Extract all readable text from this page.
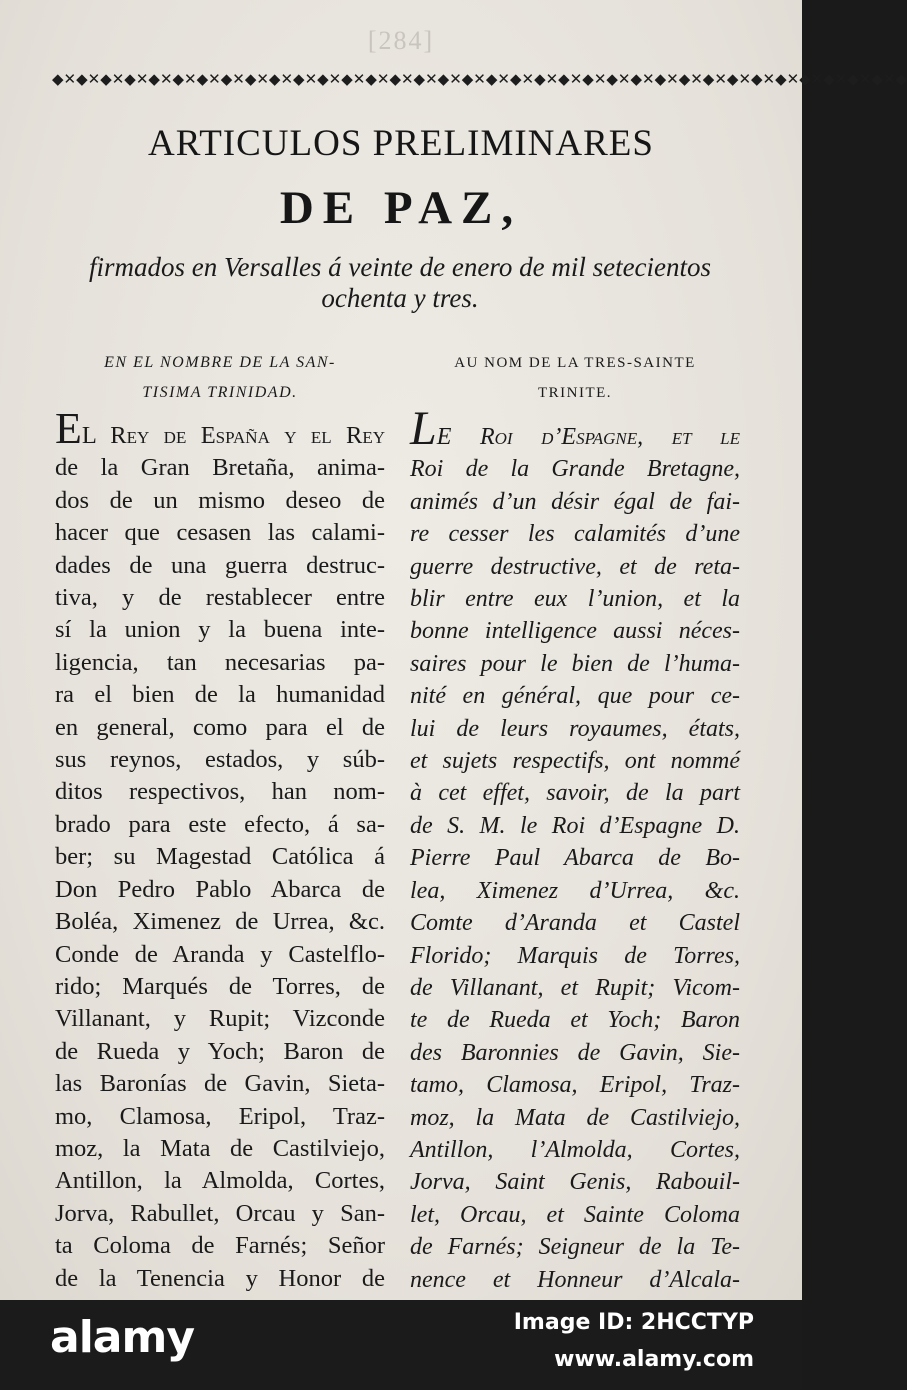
[284]
◆✕◆✕◆✕◆✕◆✕◆✕◆✕◆✕◆✕◆✕◆✕◆✕◆✕◆✕◆✕◆✕◆✕◆✕◆✕◆✕◆✕◆✕◆✕◆✕◆✕◆✕◆✕◆✕◆✕◆✕◆✕◆✕◆✕◆✕◆✕◆
ARTICULOS PRELIMINARES
DE PAZ,
firmados en Versalles á veinte de enero de mil setecientos
ochenta y tres.
EN EL NOMBRE DE LA SAN-
TISIMA TRINIDAD.
EL Rey de España y el Rey
de la Gran Bretaña, anima-
dos de un mismo deseo de
hacer que cesasen las calami-
dades de una guerra destruc-
tiva, y de restablecer entre
sí la union y la buena inte-
ligencia, tan necesarias pa-
ra el bien de la humanidad
en general, como para el de
sus reynos, estados, y súb-
ditos respectivos, han nom-
brado para este efecto, á sa-
ber; su Magestad Católica á
Don Pedro Pablo Abarca de
Boléa, Ximenez de Urrea, &c.
Conde de Aranda y Castelflo-
rido; Marqués de Torres, de
Villanant, y Rupit; Vizconde
de Rueda y Yoch; Baron de
las Baronías de Gavin, Sieta-
mo, Clamosa, Eripol, Traz-
moz, la Mata de Castilviejo,
Antillon, la Almolda, Cortes,
Jorva, Rabullet, Orcau y San-
ta Coloma de Farnés; Señor
de la Tenencia y Honor de
AU NOM DE LA TRES-SAINTE
TRINITE.
LE Roi d’Espagne, et le
Roi de la Grande Bretagne,
animés d’un désir égal de fai-
re cesser les calamités d’une
guerre destructive, et de reta-
blir entre eux l’union, et la
bonne intelligence aussi néces-
saires pour le bien de l’huma-
nité en général, que pour ce-
lui de leurs royaumes, états,
et sujets respectifs, ont nommé
à cet effet, savoir, de la part
de S. M. le Roi d’Espagne D.
Pierre Paul Abarca de Bo-
lea, Ximenez d’Urrea, &c.
Comte d’Aranda et Castel
Florido; Marquis de Torres,
de Villanant, et Rupit; Vicom-
te de Rueda et Yoch; Baron
des Baronnies de Gavin, Sie-
tamo, Clamosa, Eripol, Traz-
moz, la Mata de Castilviejo,
Antillon, l’Almolda, Cortes,
Jorva, Saint Genis, Rabouil-
let, Orcau, et Sainte Coloma
de Farnés; Seigneur de la Te-
nence et Honneur d’Alcala-
alamy	Image ID: 2HCCTYP
www.alamy.com
